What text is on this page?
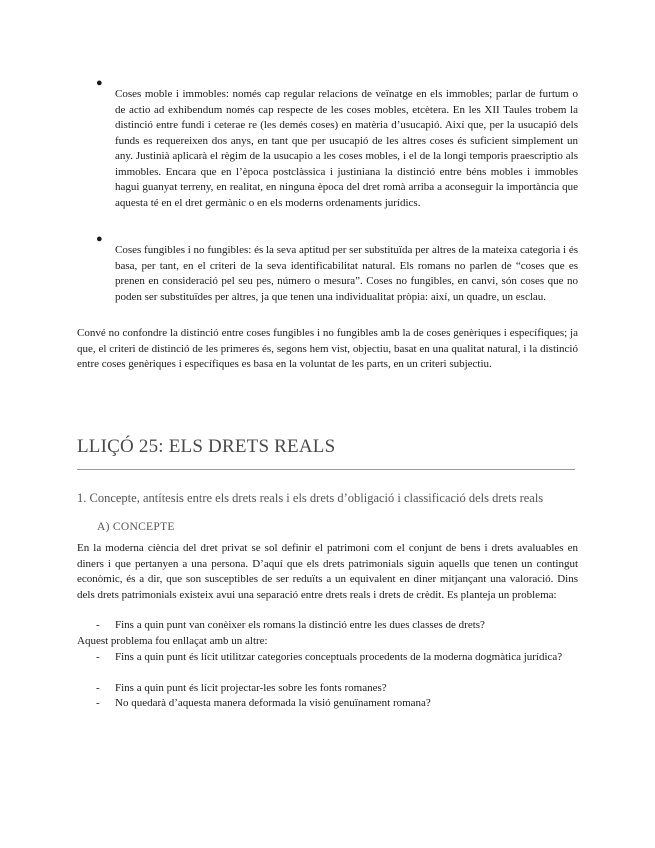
●

Coses moble i immobles: només cap regular relacions de veïnatge en els immobles; parlar de furtum o de actio ad exhibendum només cap respecte de les coses mobles, etcètera. En les XII Taules trobem la distinció entre fundi i ceterae re (les demés coses) en matèria d’usucapió. Així que, per la usucapió dels funds es requereixen dos anys, en tant que per usucapió de les altres coses és suficient simplement un any. Justinià aplicarà el règim de la usucapio a les coses mobles, i el de la longi temporis praescriptio als immobles. Encara que en l’època postclàssica i justiniana la distinció entre béns mobles i immobles hagui guanyat terreny, en realitat, en ninguna època del dret romà arriba a aconseguir la importància que aquesta té en el dret germànic o en els moderns ordenaments jurídics.

●

Coses fungibles i no fungibles: és la seva aptitud per ser substituïda per altres de la mateixa categoria i és basa, per tant, en el criteri de la seva identificabilitat natural. Els romans no parlen de “coses que es prenen en consideració pel seu pes, número o mesura”. Coses no fungibles, en canvi, són coses que no poden ser substituïdes per altres, ja que tenen una individualitat pròpia: així, un quadre, un esclau.

Convé no confondre la distinció entre coses fungibles i no fungibles amb la de coses genèriques i específiques; ja que, el criteri de distinció de les primeres és, segons hem vist, objectiu, basat en una qualitat natural, i la distinció entre coses genèriques i específiques es basa en la voluntat de les parts, en un criteri subjectiu.

LLIÇÓ 25: ELS DRETS REALS
1. Concepte, antítesis entre els drets reals i els drets d’obligació i classificació dels drets reals
A) CONCEPTE

En la moderna ciència del dret privat se sol definir el patrimoni com el conjunt de bens i drets avaluables en diners i que pertanyen a una persona. D’aquí que els drets patrimonials siguin aquells que tenen un contingut econòmic, és a dir, que son susceptibles de ser reduïts a un equivalent en diner mitjançant una valoració. Dins dels drets patrimonials existeix avui una separació entre drets reals i drets de crèdit. Es planteja un problema:

- Fins a quin punt van conèixer els romans la distinció entre les dues classes de drets?

Aquest problema fou enllaçat amb un altre:

- Fins a quin punt és lícit utilitzar categories conceptuals procedents de la moderna dogmàtica jurídica?
- Fins a quin punt és lícit projectar-les sobre les fonts romanes?
- No quedarà d’aquesta manera deformada la visió genuïnament romana?
